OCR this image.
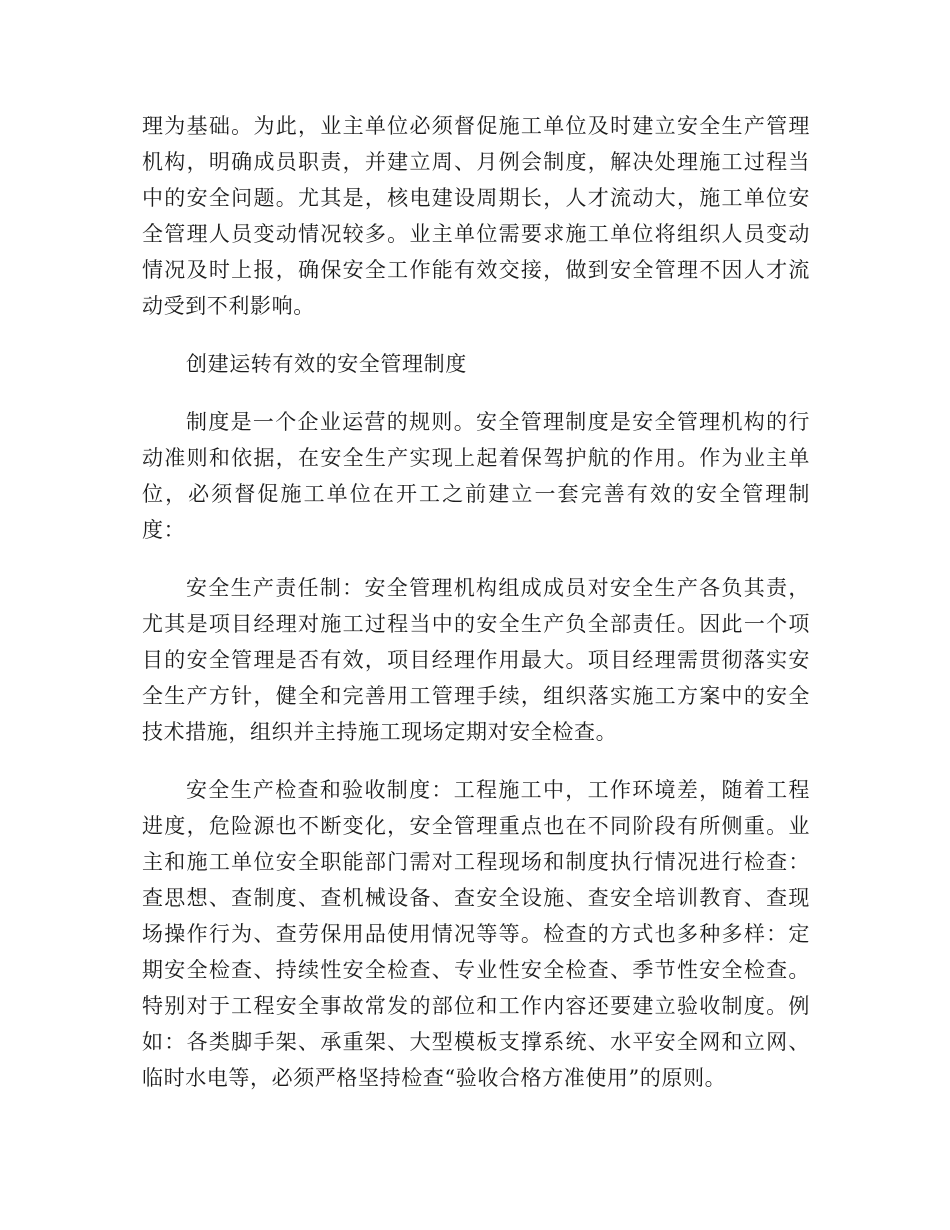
理为基础。为此，业主单位必须督促施工单位及时建立安全生产管理机构，明确成员职责，并建立周、月例会制度，解决处理施工过程当中的安全问题。尤其是，核电建设周期长，人才流动大，施工单位安全管理人员变动情况较多。业主单位需要求施工单位将组织人员变动情况及时上报，确保安全工作能有效交接，做到安全管理不因人才流动受到不利影响。

创建运转有效的安全管理制度

制度是一个企业运营的规则。安全管理制度是安全管理机构的行动准则和依据，在安全生产实现上起着保驾护航的作用。作为业主单位，必须督促施工单位在开工之前建立一套完善有效的安全管理制度：

安全生产责任制：安全管理机构组成成员对安全生产各负其责，尤其是项目经理对施工过程当中的安全生产负全部责任。因此一个项目的安全管理是否有效，项目经理作用最大。项目经理需贯彻落实安全生产方针，健全和完善用工管理手续，组织落实施工方案中的安全技术措施，组织并主持施工现场定期对安全检查。

安全生产检查和验收制度：工程施工中，工作环境差，随着工程进度，危险源也不断变化，安全管理重点也在不同阶段有所侧重。业主和施工单位安全职能部门需对工程现场和制度执行情况进行检查：查思想、查制度、查机械设备、查安全设施、查安全培训教育、查现场操作行为、查劳保用品使用情况等等。检查的方式也多种多样：定期安全检查、持续性安全检查、专业性安全检查、季节性安全检查。特别对于工程安全事故常发的部位和工作内容还要建立验收制度。例如：各类脚手架、承重架、大型模板支撑系统、水平安全网和立网、临时水电等，必须严格坚持检查“验收合格方准使用”的原则。
